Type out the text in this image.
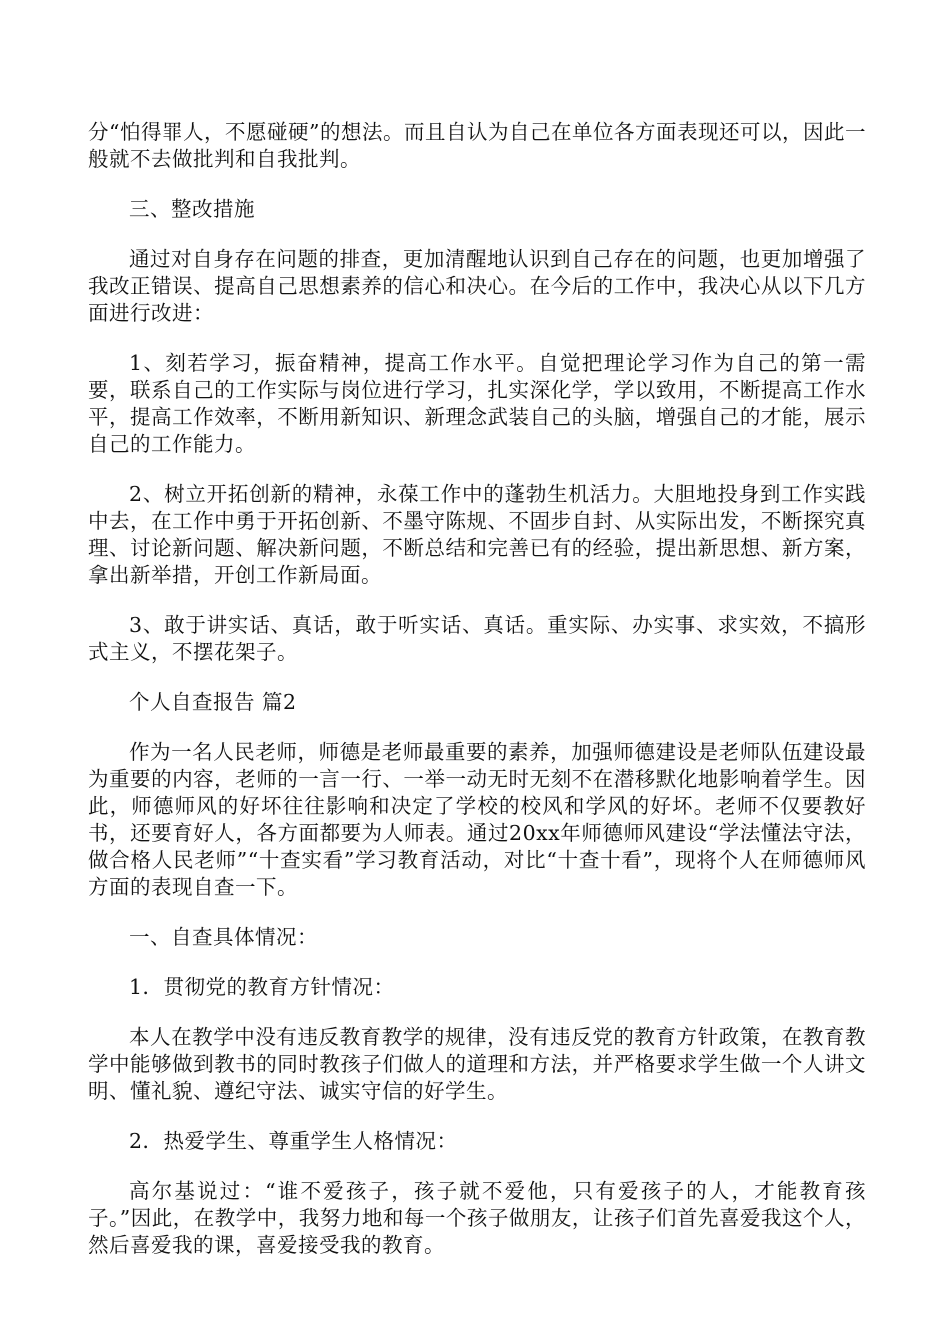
分“怕得罪人，不愿碰硬”的想法。而且自认为自己在单位各方面表现还可以，因此一般就不去做批判和自我批判。

三、整改措施

通过对自身存在问题的排查，更加清醒地认识到自己存在的问题，也更加增强了我改正错误、提高自己思想素养的信心和决心。在今后的工作中，我决心从以下几方面进行改进：

1、刻若学习，振奋精神，提高工作水平。自觉把理论学习作为自己的第一需要，联系自己的工作实际与岗位进行学习，扎实深化学，学以致用，不断提高工作水平，提高工作效率，不断用新知识、新理念武装自己的头脑，增强自己的才能，展示自己的工作能力。

2、树立开拓创新的精神，永葆工作中的蓬勃生机活力。大胆地投身到工作实践中去，在工作中勇于开拓创新、不墨守陈规、不固步自封、从实际出发，不断探究真理、讨论新问题、解决新问题，不断总结和完善已有的经验，提出新思想、新方案，拿出新举措，开创工作新局面。

3、敢于讲实话、真话，敢于听实话、真话。重实际、办实事、求实效，不搞形式主义，不摆花架子。

个人自查报告 篇2

作为一名人民老师，师德是老师最重要的素养，加强师德建设是老师队伍建设最为重要的内容，老师的一言一行、一举一动无时无刻不在潜移默化地影响着学生。因此，师德师风的好坏往往影响和决定了学校的校风和学风的好坏。老师不仅要教好书，还要育好人，各方面都要为人师表。通过20xx年师德师风建设“学法懂法守法，做合格人民老师”“十查实看”学习教育活动，对比“十查十看”，现将个人在师德师风方面的表现自查一下。

一、自查具体情况：

1．贯彻党的教育方针情况：

本人在教学中没有违反教育教学的规律，没有违反党的教育方针政策，在教育教学中能够做到教书的同时教孩子们做人的道理和方法，并严格要求学生做一个人讲文明、懂礼貌、遵纪守法、诚实守信的好学生。

2．热爱学生、尊重学生人格情况：

高尔基说过：“谁不爱孩子，孩子就不爱他，只有爱孩子的人，才能教育孩子。”因此，在教学中，我努力地和每一个孩子做朋友，让孩子们首先喜爱我这个人，然后喜爱我的课，喜爱接受我的教育。
